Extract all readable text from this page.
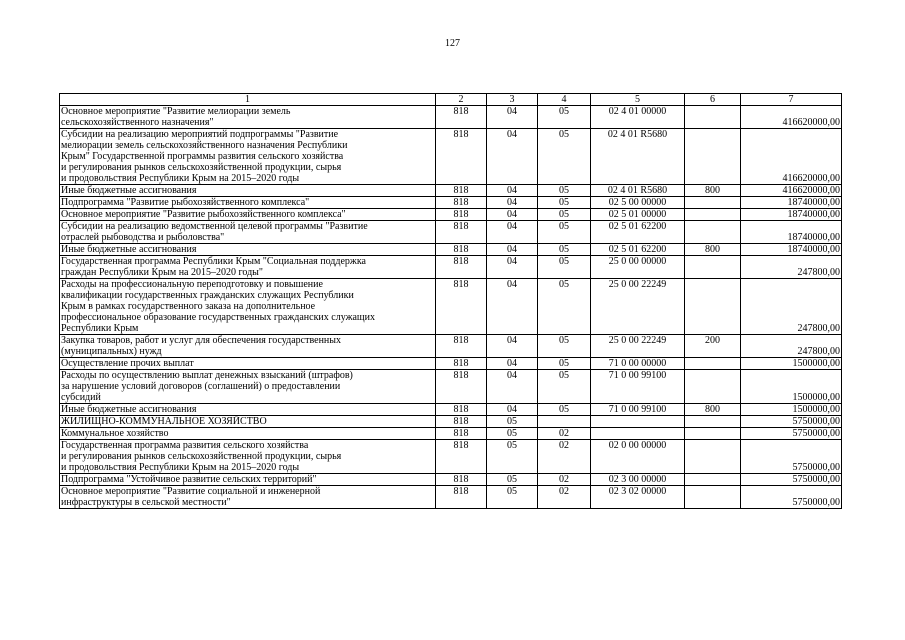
127
1	2	3	4	5	6	7
Основное мероприятие "Развитие мелиорации земель
сельскохозяйственного назначения"	818	04	05	02 4 01 00000		416620000,00
Субсидии на реализацию мероприятий подпрограммы "Развитие
мелиорации земель сельскохозяйственного назначения Республики
Крым" Государственной программы развития сельского хозяйства
и регулирования рынков сельскохозяйственной продукции, сырья
и продовольствия Республики Крым на 2015–2020 годы	818	04	05	02 4 01 R5680		416620000,00
Иные бюджетные ассигнования	818	04	05	02 4 01 R5680	800	416620000,00
Подпрограмма "Развитие рыбохозяйственного комплекса"	818	04	05	02 5 00 00000		18740000,00
Основное мероприятие "Развитие рыбохозяйственного комплекса"	818	04	05	02 5 01 00000		18740000,00
Субсидии на реализацию ведомственной целевой программы "Развитие
отраслей рыбоводства и рыболовства"	818	04	05	02 5 01 62200		18740000,00
Иные бюджетные ассигнования	818	04	05	02 5 01 62200	800	18740000,00
Государственная программа Республики Крым "Социальная поддержка
граждан Республики Крым на 2015–2020 годы"	818	04	05	25 0 00 00000		247800,00
Расходы на профессиональную переподготовку и повышение
квалификации государственных гражданских служащих Республики
Крым в рамках государственного заказа на дополнительное
профессиональное образование государственных гражданских служащих
Республики Крым	818	04	05	25 0 00 22249		247800,00
Закупка товаров, работ и услуг для обеспечения государственных
(муниципальных) нужд	818	04	05	25 0 00 22249	200	247800,00
Осуществление прочих выплат	818	04	05	71 0 00 00000		1500000,00
Расходы по осуществлению выплат денежных взысканий (штрафов)
за нарушение условий договоров (соглашений) о предоставлении
субсидий	818	04	05	71 0 00 99100		1500000,00
Иные бюджетные ассигнования	818	04	05	71 0 00 99100	800	1500000,00
ЖИЛИЩНО-КОММУНАЛЬНОЕ ХОЗЯЙСТВО	818	05				5750000,00
Коммунальное хозяйство	818	05	02			5750000,00
Государственная программа развития сельского хозяйства
и регулирования рынков сельскохозяйственной продукции, сырья
и продовольствия Республики Крым на 2015–2020 годы	818	05	02	02 0 00 00000		5750000,00
Подпрограмма "Устойчивое развитие сельских территорий"	818	05	02	02 3 00 00000		5750000,00
Основное мероприятие "Развитие социальной и инженерной
инфраструктуры в сельской местности"	818	05	02	02 3 02 00000		5750000,00
